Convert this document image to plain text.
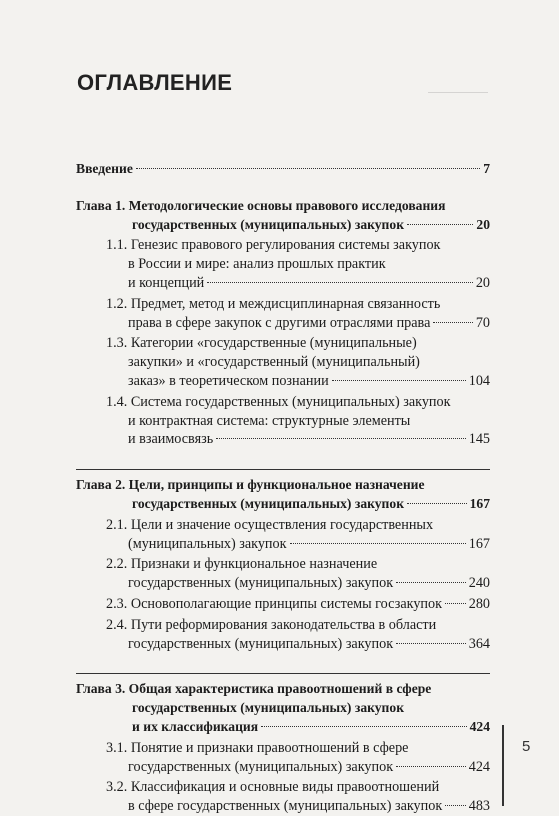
ОГЛАВЛЕНИЕ
Введение	7
Глава 1. Методологические основы правового исследования
государственных (муниципальных) закупок	20
1.1. Генезис правового регулирования системы закупок
в России и мире: анализ прошлых практик
и концепций	20
1.2. Предмет, метод и междисциплинарная связанность
права в сфере закупок с другими отраслями права	70
1.3. Категории «государственные (муниципальные)
закупки» и «государственный (муниципальный)
заказ» в теоретическом познании	104
1.4. Система государственных (муниципальных) закупок
и контрактная система: структурные элементы
и взаимосвязь	145
Глава 2. Цели, принципы и функциональное назначение
государственных (муниципальных) закупок	167
2.1. Цели и значение осуществления государственных
(муниципальных) закупок	167
2.2. Признаки и функциональное назначение
государственных (муниципальных) закупок	240
2.3. Основополагающие принципы системы госзакупок 280
2.4. Пути реформирования законодательства в области
государственных (муниципальных) закупок	364
Глава 3. Общая характеристика правоотношений в сфере
государственных (муниципальных) закупок
и их классификация	424
3.1. Понятие и признаки правоотношений в сфере
государственных (муниципальных) закупок	424
3.2. Классификация и основные виды правоотношений
в сфере государственных (муниципальных) закупок 483
5
